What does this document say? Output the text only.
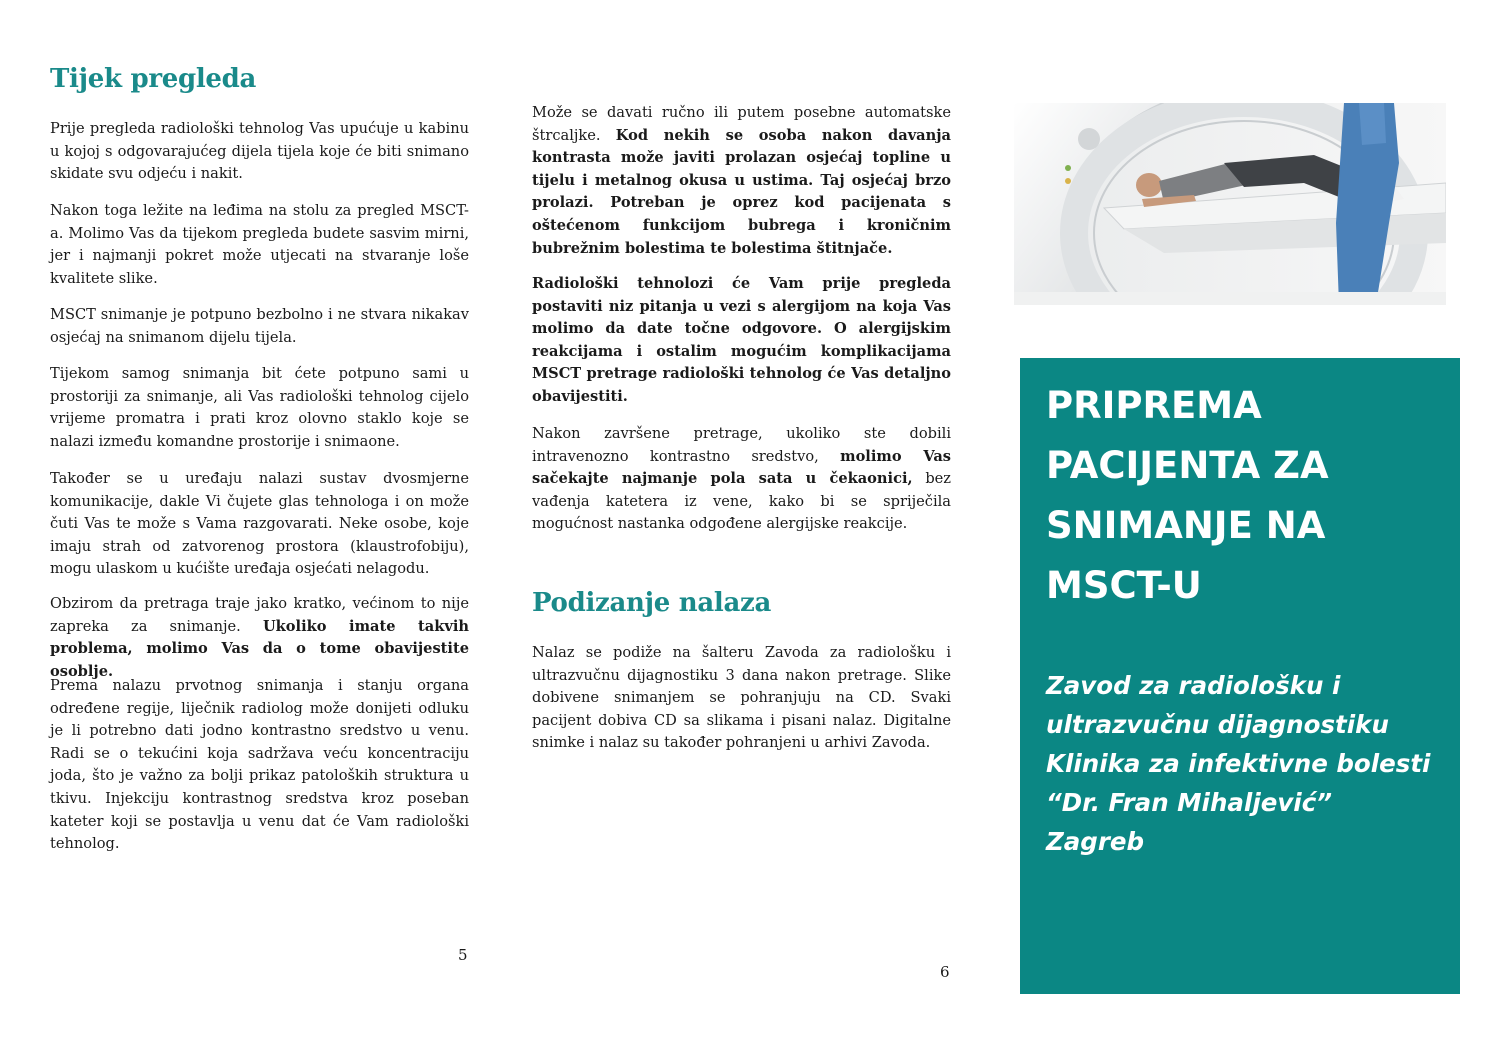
Tijek pregleda

Prije pregleda radiološki tehnolog Vas upućuje u kabinu u kojoj s odgovarajućeg dijela tijela koje će biti snimano skidate svu odjeću i nakit.

Nakon toga ležite na leđima na stolu za pregled MSCT-a. Molimo Vas da tijekom pregleda budete sasvim mirni, jer i najmanji pokret može utjecati na stvaranje loše kvalitete slike.

MSCT snimanje je potpuno bezbolno i ne stvara nikakav osjećaj na snimanom dijelu tijela.

Tijekom samog snimanja bit ćete potpuno sami u prostoriji za snimanje, ali Vas radiološki tehnolog cijelo vrijeme promatra i prati kroz olovno staklo koje se nalazi između komandne prostorije i snimaone.

Također se u uređaju nalazi sustav dvosmjerne komunikacije, dakle Vi čujete glas tehnologa i on može čuti Vas te može s Vama razgovarati. Neke osobe, koje imaju strah od zatvorenog prostora (klaustrofobiju), mogu ulaskom u kućište uređaja osjećati nelagodu.

Obzirom da pretraga traje jako kratko, većinom to nije zapreka za snimanje. Ukoliko imate takvih problema, molimo Vas da o tome obavijestite osoblje.

Prema nalazu prvotnog snimanja i stanju organa određene regije, liječnik radiolog može donijeti odluku je li potrebno dati jodno kontrastno sredstvo u venu. Radi se o tekućini koja sadržava veću koncentraciju joda, što je važno za bolji prikaz patoloških struktura u tkivu. Injekciju kontrastnog sredstva kroz poseban kateter koji se postavlja u venu dat će Vam radiološki tehnolog.

5

Može se davati ručno ili putem posebne automatske štrcaljke. Kod nekih se osoba nakon davanja kontrasta može javiti prolazan osjećaj topline u tijelu i metalnog okusa u ustima. Taj osjećaj brzo prolazi. Potreban je oprez kod pacijenata s oštećenom funkcijom bubrega i kroničnim bubrežnim bolestima te bolestima štitnjače.

Radiološki tehnolozi će Vam prije pregleda postaviti niz pitanja u vezi s alergijom na koja Vas molimo da date točne odgovore. O alergijskim reakcijama i ostalim mogućim komplikacijama MSCT pretrage radiološki tehnolog će Vas detaljno obavijestiti.

Nakon završene pretrage, ukoliko ste dobili intravenozno kontrastno sredstvo, molimo Vas sačekajte najmanje pola sata u čekaonici, bez vađenja katetera iz vene, kako bi se spriječila mogućnost nastanka odgođene alergijske reakcije.

Podizanje nalaza

Nalaz se podiže na šalteru Zavoda za radiološku i ultrazvučnu dijagnostiku 3 dana nakon pretrage. Slike dobivene snimanjem se pohranjuju na CD. Svaki pacijent dobiva CD sa slikama i pisani nalaz. Digitalne snimke i nalaz su također pohranjeni u arhivi Zavoda.

6
PRIPREMA
PACIJENTA ZA
SNIMANJE NA
MSCT-U

Zavod za radiološku i
ultrazvučnu dijagnostiku
Klinika za infektivne bolesti
“Dr. Fran Mihaljević”
Zagreb
